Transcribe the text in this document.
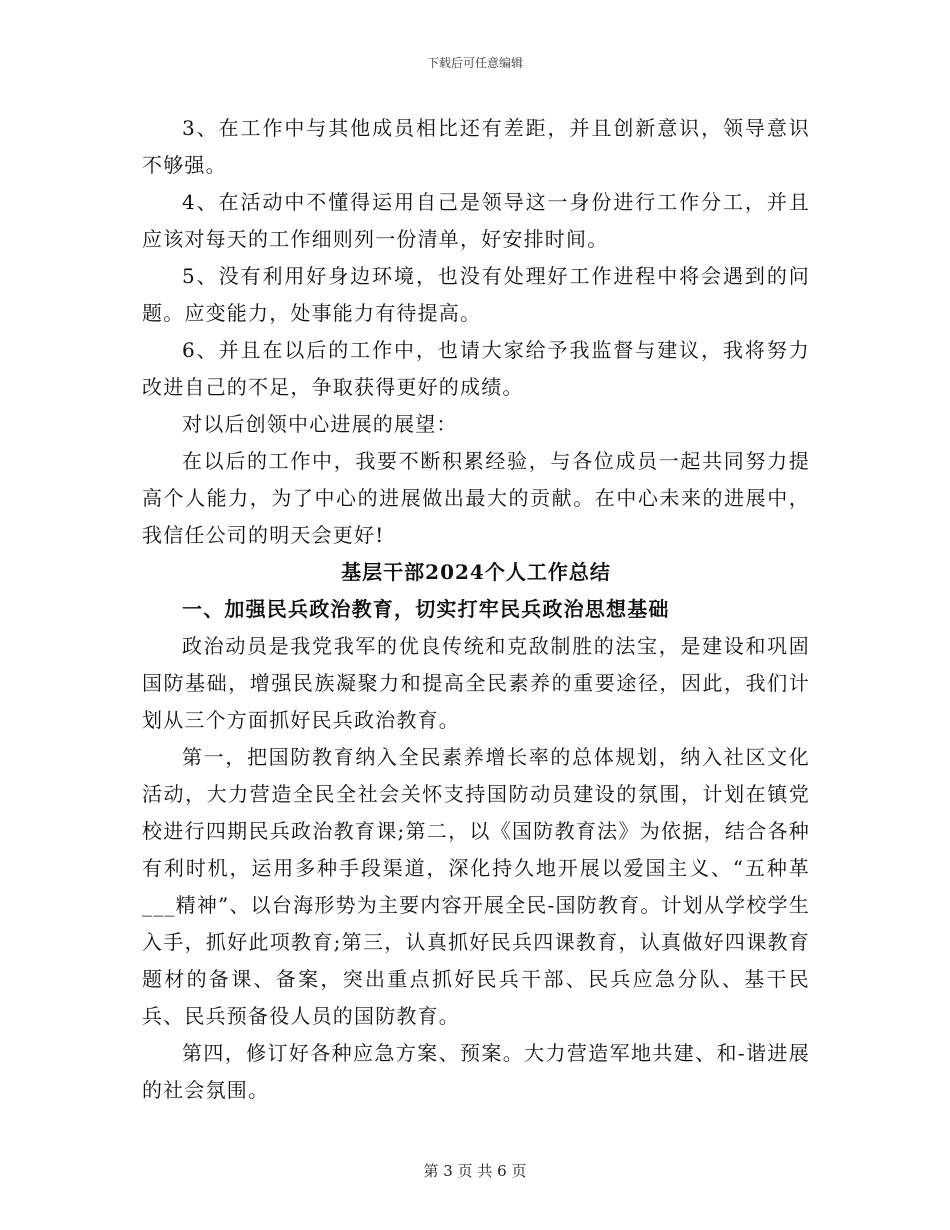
下载后可任意编辑

3、在工作中与其他成员相比还有差距，并且创新意识，领导意识不够强。

4、在活动中不懂得运用自己是领导这一身份进行工作分工，并且应该对每天的工作细则列一份清单，好安排时间。

5、没有利用好身边环境，也没有处理好工作进程中将会遇到的问题。应变能力，处事能力有待提高。

6、并且在以后的工作中，也请大家给予我监督与建议，我将努力改进自己的不足，争取获得更好的成绩。

对以后创领中心进展的展望：

在以后的工作中，我要不断积累经验，与各位成员一起共同努力提高个人能力，为了中心的进展做出最大的贡献。在中心未来的进展中，我信任公司的明天会更好!

基层干部2024个人工作总结

一、加强民兵政治教育，切实打牢民兵政治思想基础

政治动员是我党我军的优良传统和克敌制胜的法宝，是建设和巩固国防基础，增强民族凝聚力和提高全民素养的重要途径，因此，我们计划从三个方面抓好民兵政治教育。

第一，把国防教育纳入全民素养增长率的总体规划，纳入社区文化活动，大力营造全民全社会关怀支持国防动员建设的氛围，计划在镇党校进行四期民兵政治教育课;第二，以《国防教育法》为依据，结合各种有利时机，运用多种手段渠道，深化持久地开展以爱国主义、“五种革___精神”、以台海形势为主要内容开展全民-国防教育。计划从学校学生入手，抓好此项教育;第三，认真抓好民兵四课教育，认真做好四课教育题材的备课、备案，突出重点抓好民兵干部、民兵应急分队、基干民兵、民兵预备役人员的国防教育。

第四，修订好各种应急方案、预案。大力营造军地共建、和-谐进展的社会氛围。

第 3 页 共 6 页
